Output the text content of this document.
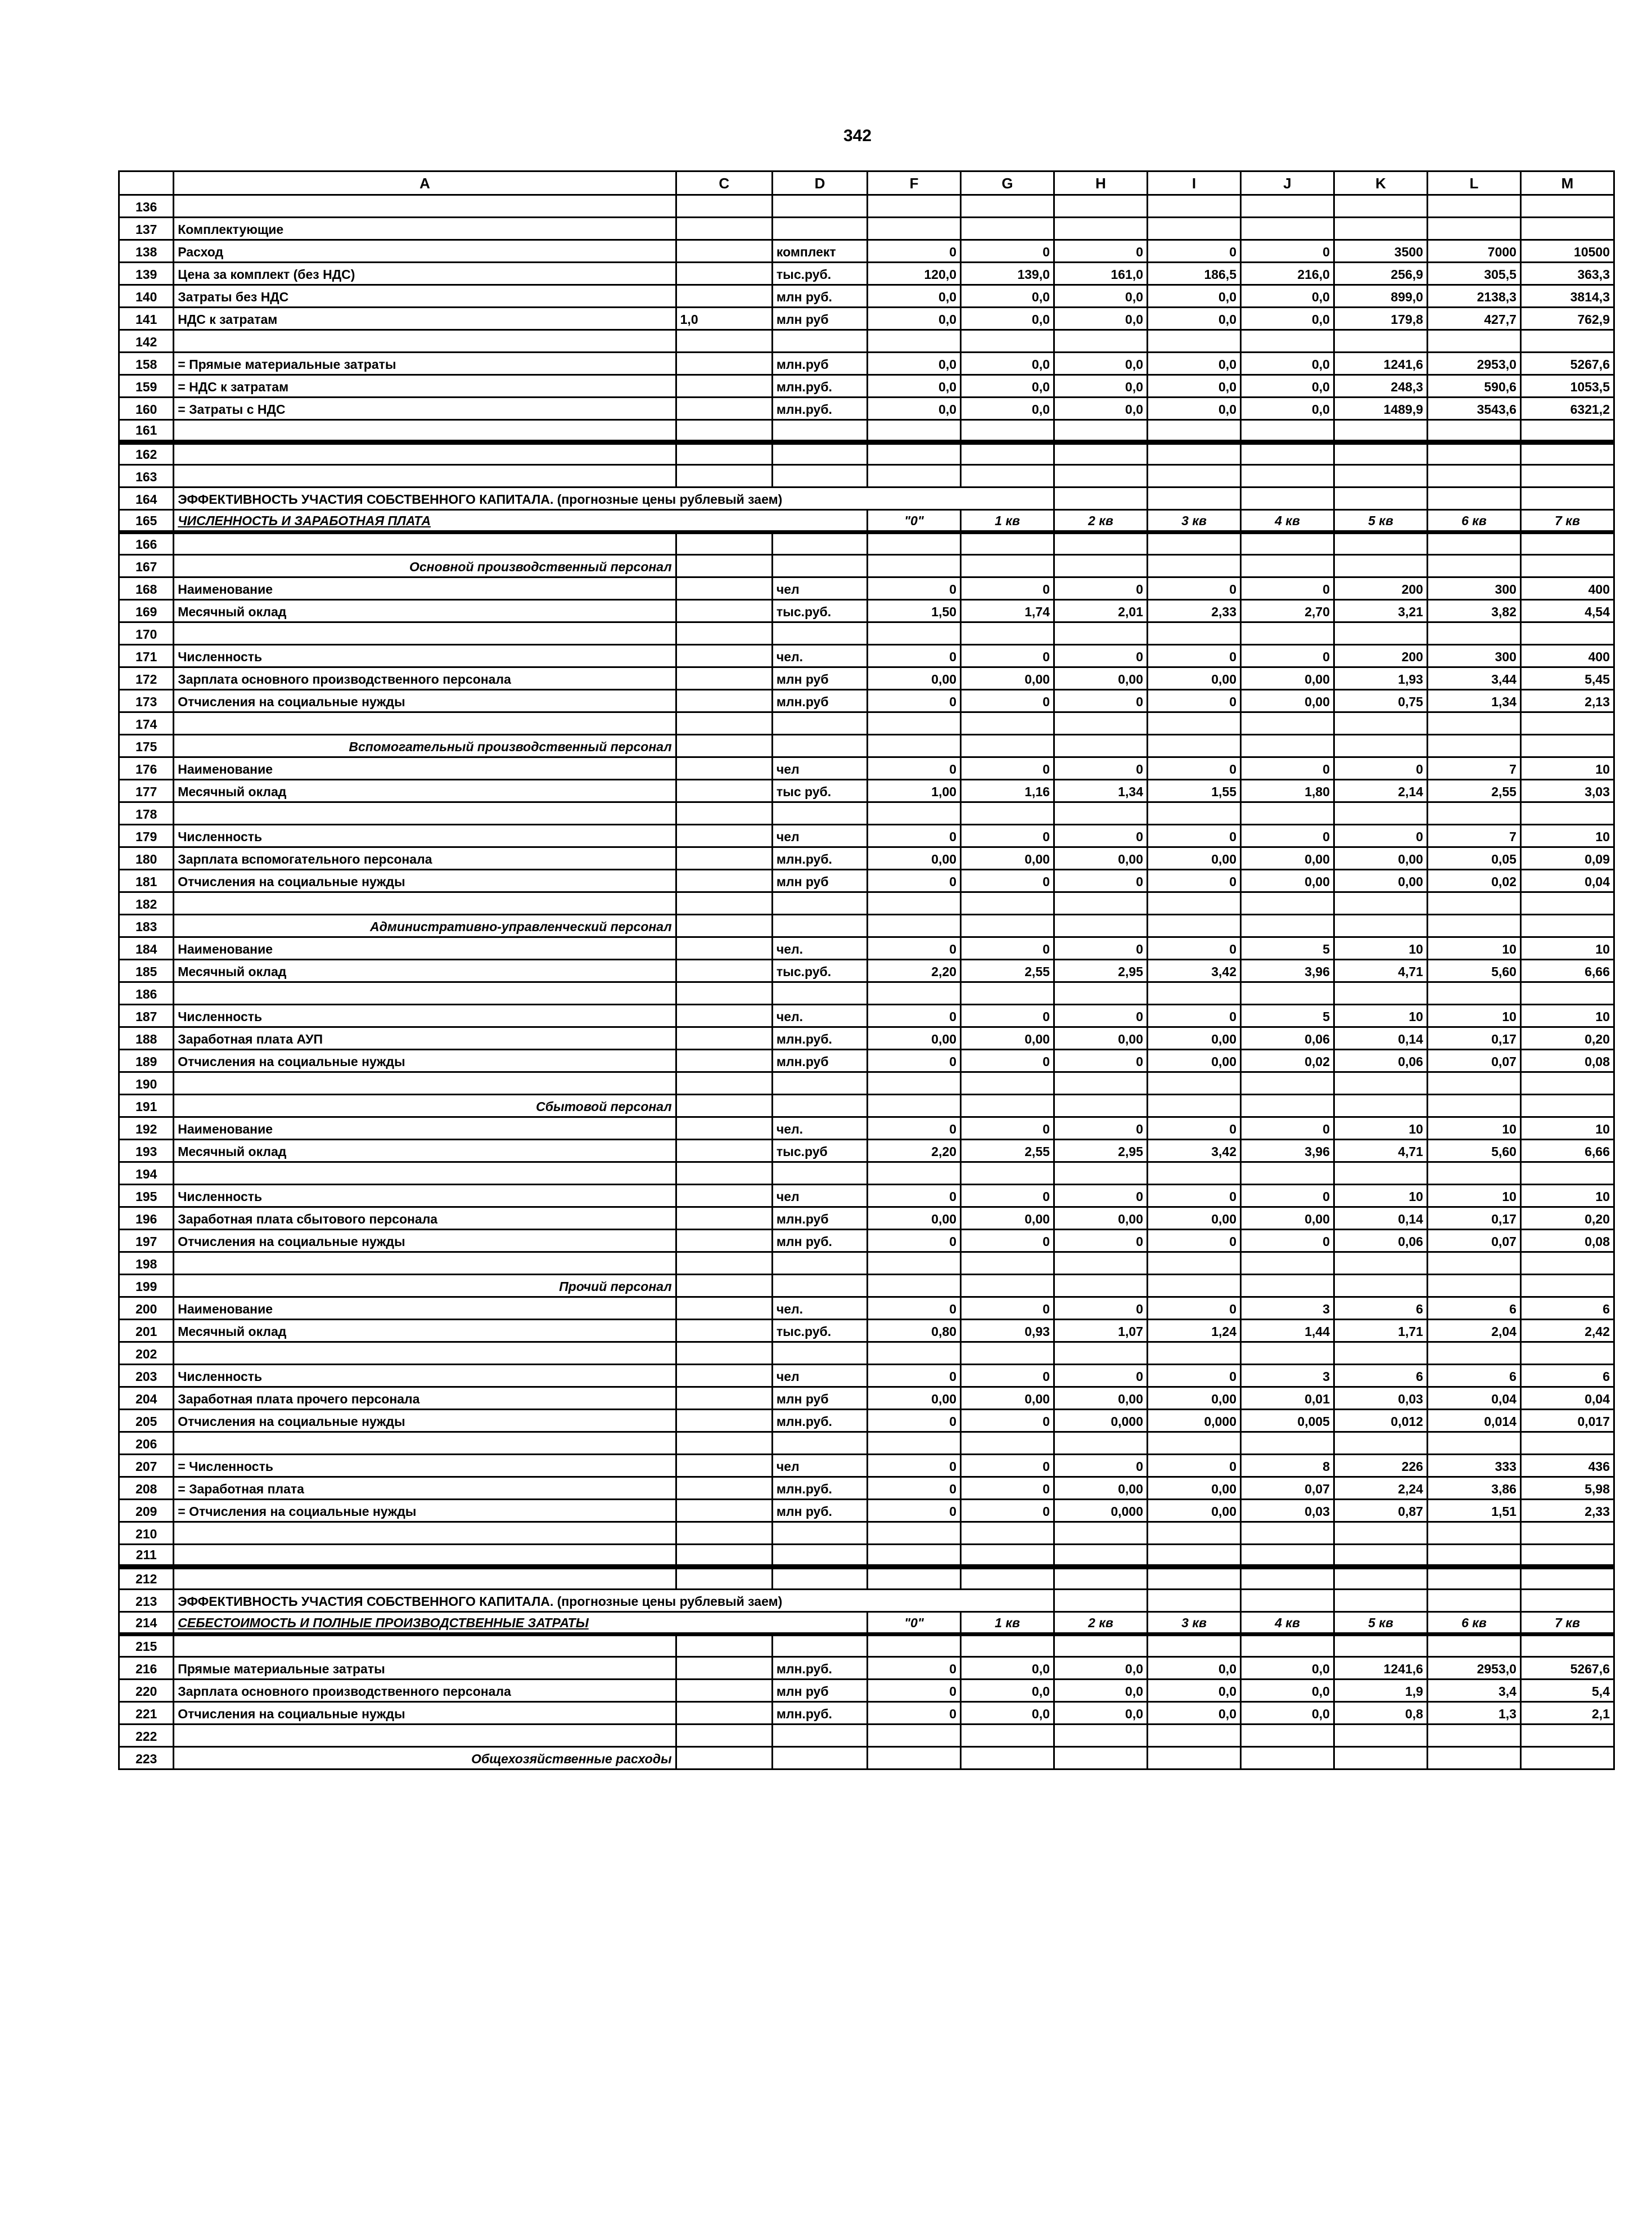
342
	A	C	D	F	G	H	I	J	K	L	M
136											
137	Комплектующие										
138	Расход		комплект	0	0	0	0	0	3500	7000	10500
139	Цена за комплект (без НДС)		тыс.руб.	120,0	139,0	161,0	186,5	216,0	256,9	305,5	363,3
140	Затраты без НДС		млн руб.	0,0	0,0	0,0	0,0	0,0	899,0	2138,3	3814,3
141	НДС к затратам	1,0	млн руб	0,0	0,0	0,0	0,0	0,0	179,8	427,7	762,9
142											
158	= Прямые материальные затраты		млн.руб	0,0	0,0	0,0	0,0	0,0	1241,6	2953,0	5267,6
159	= НДС к затратам		млн.руб.	0,0	0,0	0,0	0,0	0,0	248,3	590,6	1053,5
160	= Затраты с НДС		млн.руб.	0,0	0,0	0,0	0,0	0,0	1489,9	3543,6	6321,2
161											
162											
163											
164	ЭФФЕКТИВНОСТЬ УЧАСТИЯ СОБСТВЕННОГО КАПИТАЛА. (прогнозные цены рублевый заем)										
165	ЧИСЛЕННОСТЬ И ЗАРАБОТНАЯ ПЛАТА			"0"	1 кв	2 кв	3 кв	4 кв	5 кв	6 кв	7 кв
166											
167	Основной производственный персонал										
168	Наименование		чел	0	0	0	0	0	200	300	400
169	Месячный оклад		тыс.руб.	1,50	1,74	2,01	2,33	2,70	3,21	3,82	4,54
170											
171	Численность		чел.	0	0	0	0	0	200	300	400
172	Зарплата основного производственного персонала		млн руб	0,00	0,00	0,00	0,00	0,00	1,93	3,44	5,45
173	Отчисления на социальные нужды		млн.руб	0	0	0	0	0,00	0,75	1,34	2,13
174											
175	Вспомогательный производственный персонал										
176	Наименование		чел	0	0	0	0	0	0	7	10
177	Месячный оклад		тыс руб.	1,00	1,16	1,34	1,55	1,80	2,14	2,55	3,03
178											
179	Численность		чел	0	0	0	0	0	0	7	10
180	Зарплата вспомогательного персонала		млн.руб.	0,00	0,00	0,00	0,00	0,00	0,00	0,05	0,09
181	Отчисления на социальные нужды		млн руб	0	0	0	0	0,00	0,00	0,02	0,04
182											
183	Административно-управленческий персонал										
184	Наименование		чел.	0	0	0	0	5	10	10	10
185	Месячный оклад		тыс.руб.	2,20	2,55	2,95	3,42	3,96	4,71	5,60	6,66
186											
187	Численность		чел.	0	0	0	0	5	10	10	10
188	Заработная плата АУП		млн.руб.	0,00	0,00	0,00	0,00	0,06	0,14	0,17	0,20
189	Отчисления на социальные нужды		млн.руб	0	0	0	0,00	0,02	0,06	0,07	0,08
190											
191	Сбытовой персонал										
192	Наименование		чел.	0	0	0	0	0	10	10	10
193	Месячный оклад		тыс.руб	2,20	2,55	2,95	3,42	3,96	4,71	5,60	6,66
194											
195	Численность		чел	0	0	0	0	0	10	10	10
196	Заработная плата сбытового персонала		млн.руб	0,00	0,00	0,00	0,00	0,00	0,14	0,17	0,20
197	Отчисления на социальные нужды		млн руб.	0	0	0	0	0	0,06	0,07	0,08
198											
199	Прочий персонал										
200	Наименование		чел.	0	0	0	0	3	6	6	6
201	Месячный оклад		тыс.руб.	0,80	0,93	1,07	1,24	1,44	1,71	2,04	2,42
202											
203	Численность		чел	0	0	0	0	3	6	6	6
204	Заработная плата прочего персонала		млн руб	0,00	0,00	0,00	0,00	0,01	0,03	0,04	0,04
205	Отчисления на социальные нужды		млн.руб.	0	0	0,000	0,000	0,005	0,012	0,014	0,017
206											
207	= Численность		чел	0	0	0	0	8	226	333	436
208	= Заработная плата		млн.руб.	0	0	0,00	0,00	0,07	2,24	3,86	5,98
209	= Отчисления на социальные нужды		млн руб.	0	0	0,000	0,00	0,03	0,87	1,51	2,33
210											
211											
212											
213	ЭФФЕКТИВНОСТЬ УЧАСТИЯ СОБСТВЕННОГО КАПИТАЛА. (прогнозные цены рублевый заем)										
214	СЕБЕСТОИМОСТЬ И ПОЛНЫЕ ПРОИЗВОДСТВЕННЫЕ ЗАТРАТЫ			"0"	1 кв	2 кв	3 кв	4 кв	5 кв	6 кв	7 кв
215											
216	Прямые материальные затраты		млн.руб.	0	0,0	0,0	0,0	0,0	1241,6	2953,0	5267,6
220	Зарплата основного производственного персонала		млн руб	0	0,0	0,0	0,0	0,0	1,9	3,4	5,4
221	Отчисления на социальные нужды		млн.руб.	0	0,0	0,0	0,0	0,0	0,8	1,3	2,1
222											
223	Общехозяйственные расходы										
